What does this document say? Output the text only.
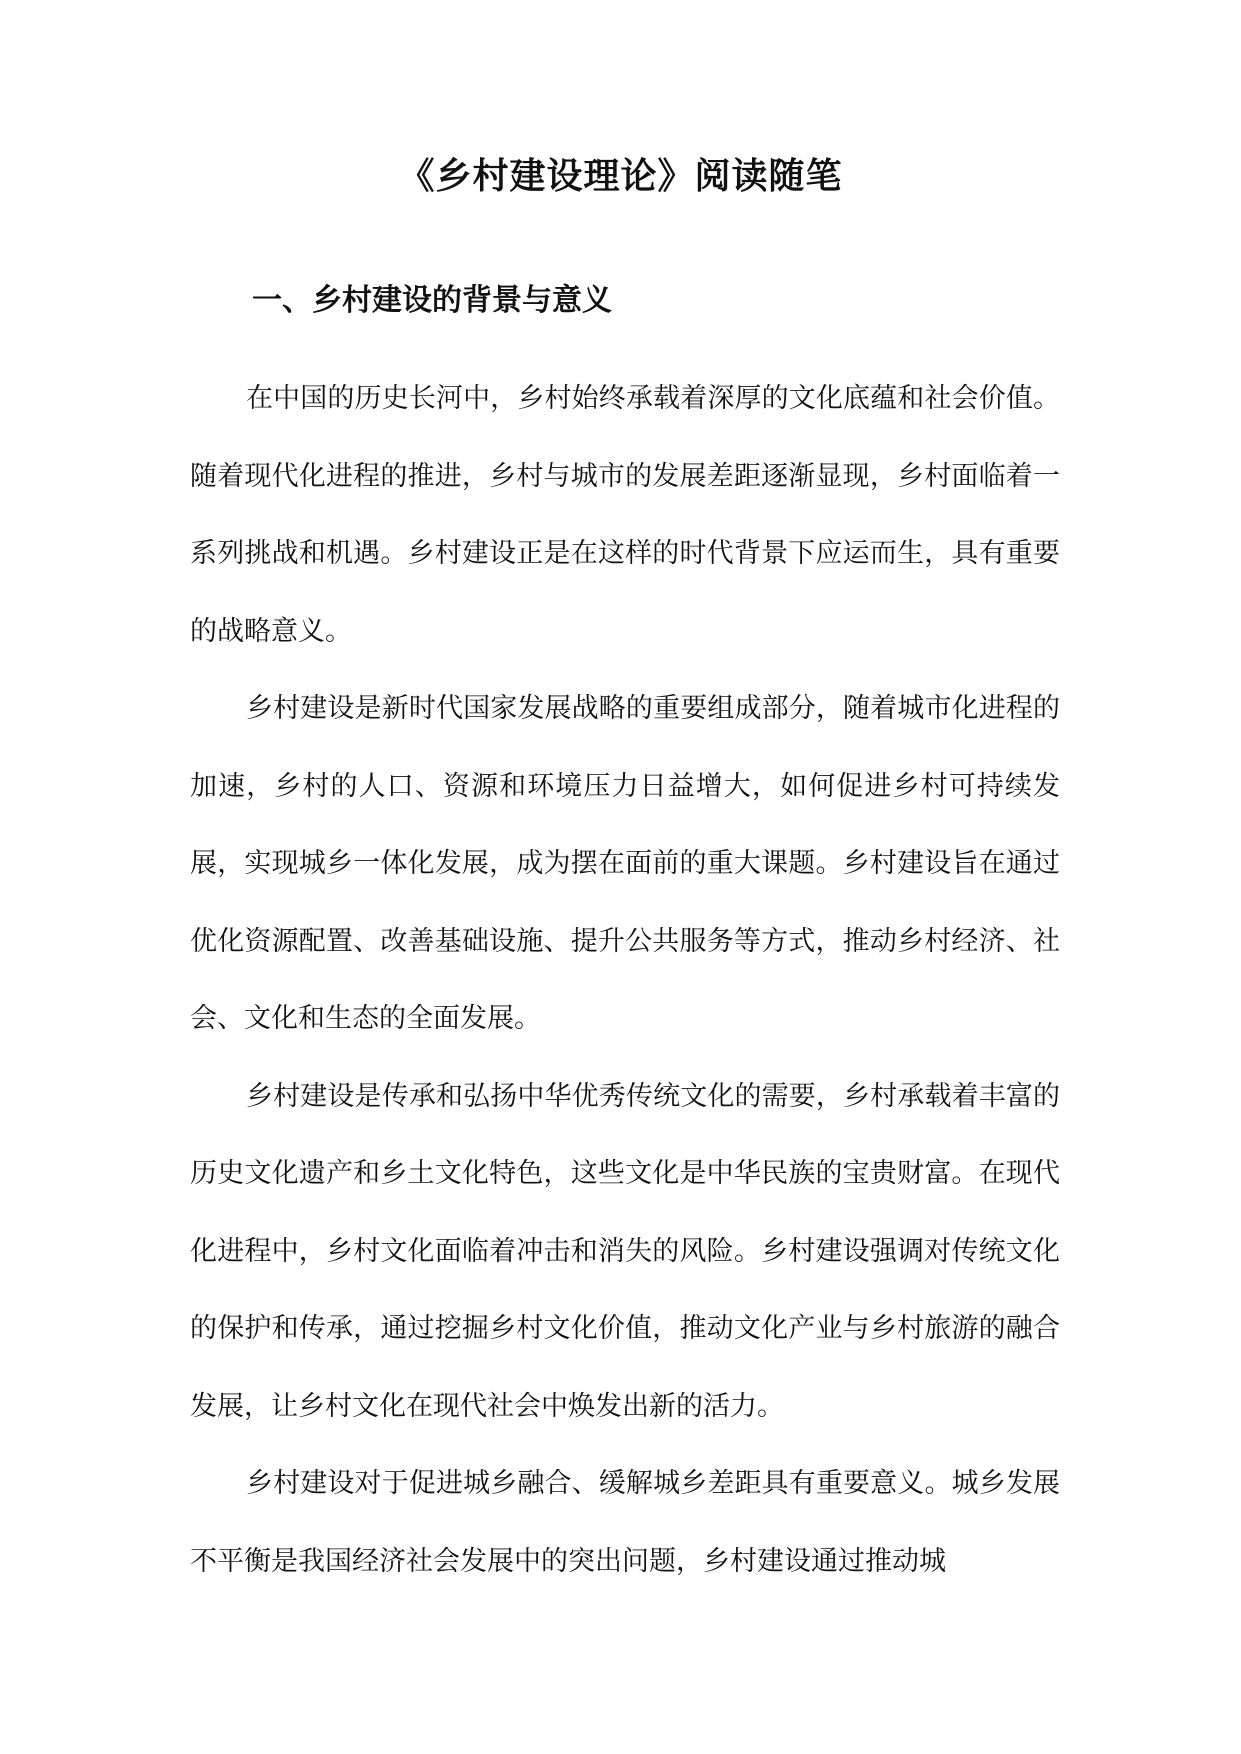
《乡村建设理论》阅读随笔
一、乡村建设的背景与意义

在中国的历史长河中，乡村始终承载着深厚的文化底蕴和社会价值。随着现代化进程的推进，乡村与城市的发展差距逐渐显现，乡村面临着一系列挑战和机遇。乡村建设正是在这样的时代背景下应运而生，具有重要的战略意义。

乡村建设是新时代国家发展战略的重要组成部分，随着城市化进程的加速，乡村的人口、资源和环境压力日益增大，如何促进乡村可持续发展，实现城乡一体化发展，成为摆在面前的重大课题。乡村建设旨在通过优化资源配置、改善基础设施、提升公共服务等方式，推动乡村经济、社会、文化和生态的全面发展。

乡村建设是传承和弘扬中华优秀传统文化的需要，乡村承载着丰富的历史文化遗产和乡土文化特色，这些文化是中华民族的宝贵财富。在现代化进程中，乡村文化面临着冲击和消失的风险。乡村建设强调对传统文化的保护和传承，通过挖掘乡村文化价值，推动文化产业与乡村旅游的融合发展，让乡村文化在现代社会中焕发出新的活力。

乡村建设对于促进城乡融合、缓解城乡差距具有重要意义。城乡发展不平衡是我国经济社会发展中的突出问题，乡村建设通过推动城
